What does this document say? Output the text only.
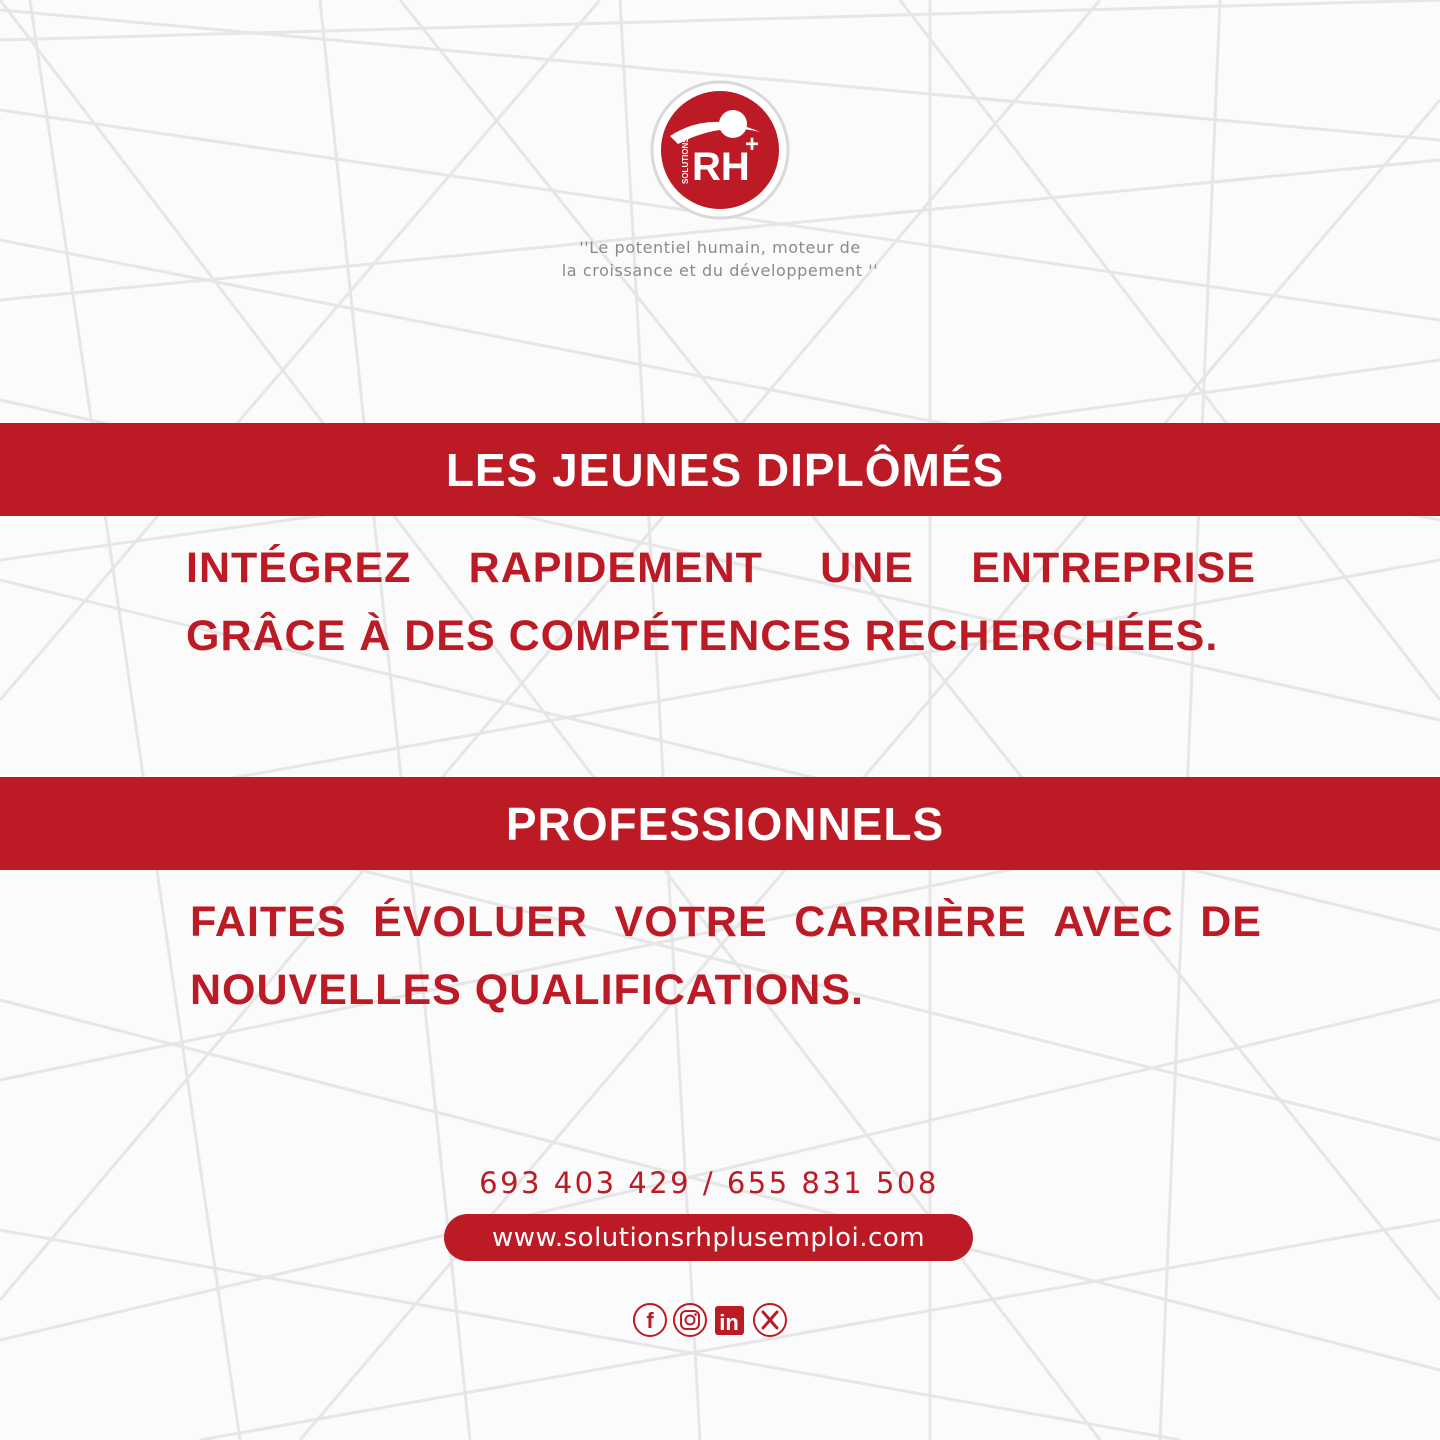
RH
+
SOLUTIONS
''Le potentiel humain, moteur de
la croissance et du développement ''
LES JEUNES DIPLÔMÉS
INTÉGREZ RAPIDEMENT UNE ENTREPRISE
GRÂCE À DES COMPÉTENCES RECHERCHÉES.
PROFESSIONNELS
FAITES ÉVOLUER VOTRE CARRIÈRE AVEC DE
NOUVELLES QUALIFICATIONS.
693 403 429 / 655 831 508
www.solutionsrhplusemploi.com
f	in
